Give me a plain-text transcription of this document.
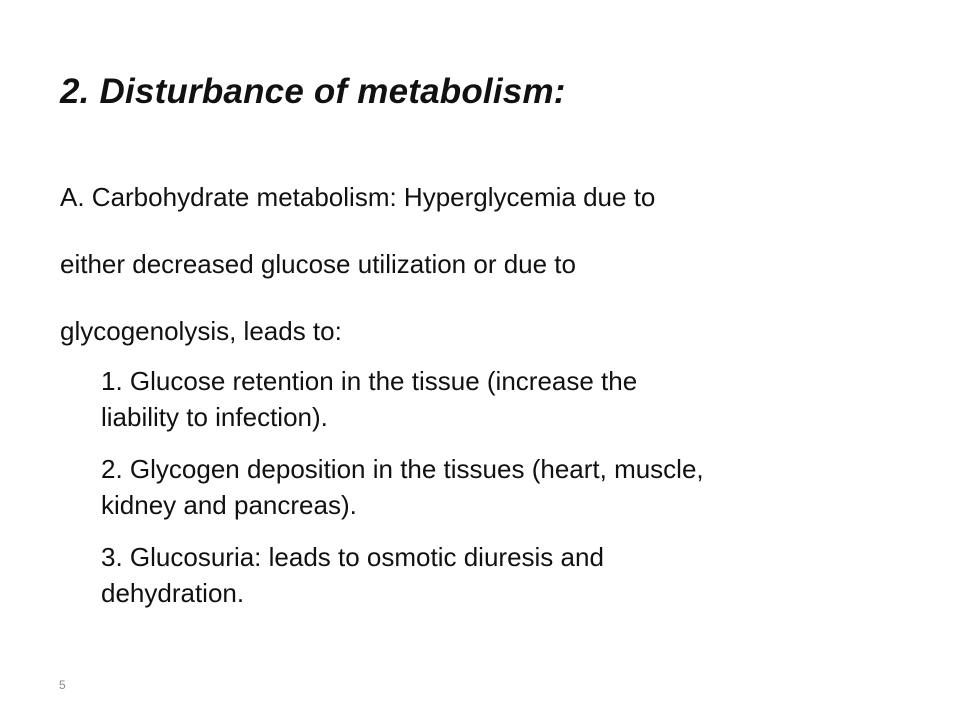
2. Disturbance of metabolism:
A. Carbohydrate metabolism: Hyperglycemia due to
either decreased glucose utilization or due to
glycogenolysis, leads to:
1. Glucose retention in the tissue (increase the
liability to infection).
2. Glycogen deposition in the tissues (heart, muscle,
kidney and pancreas).
3. Glucosuria: leads to osmotic diuresis and
dehydration.
5
